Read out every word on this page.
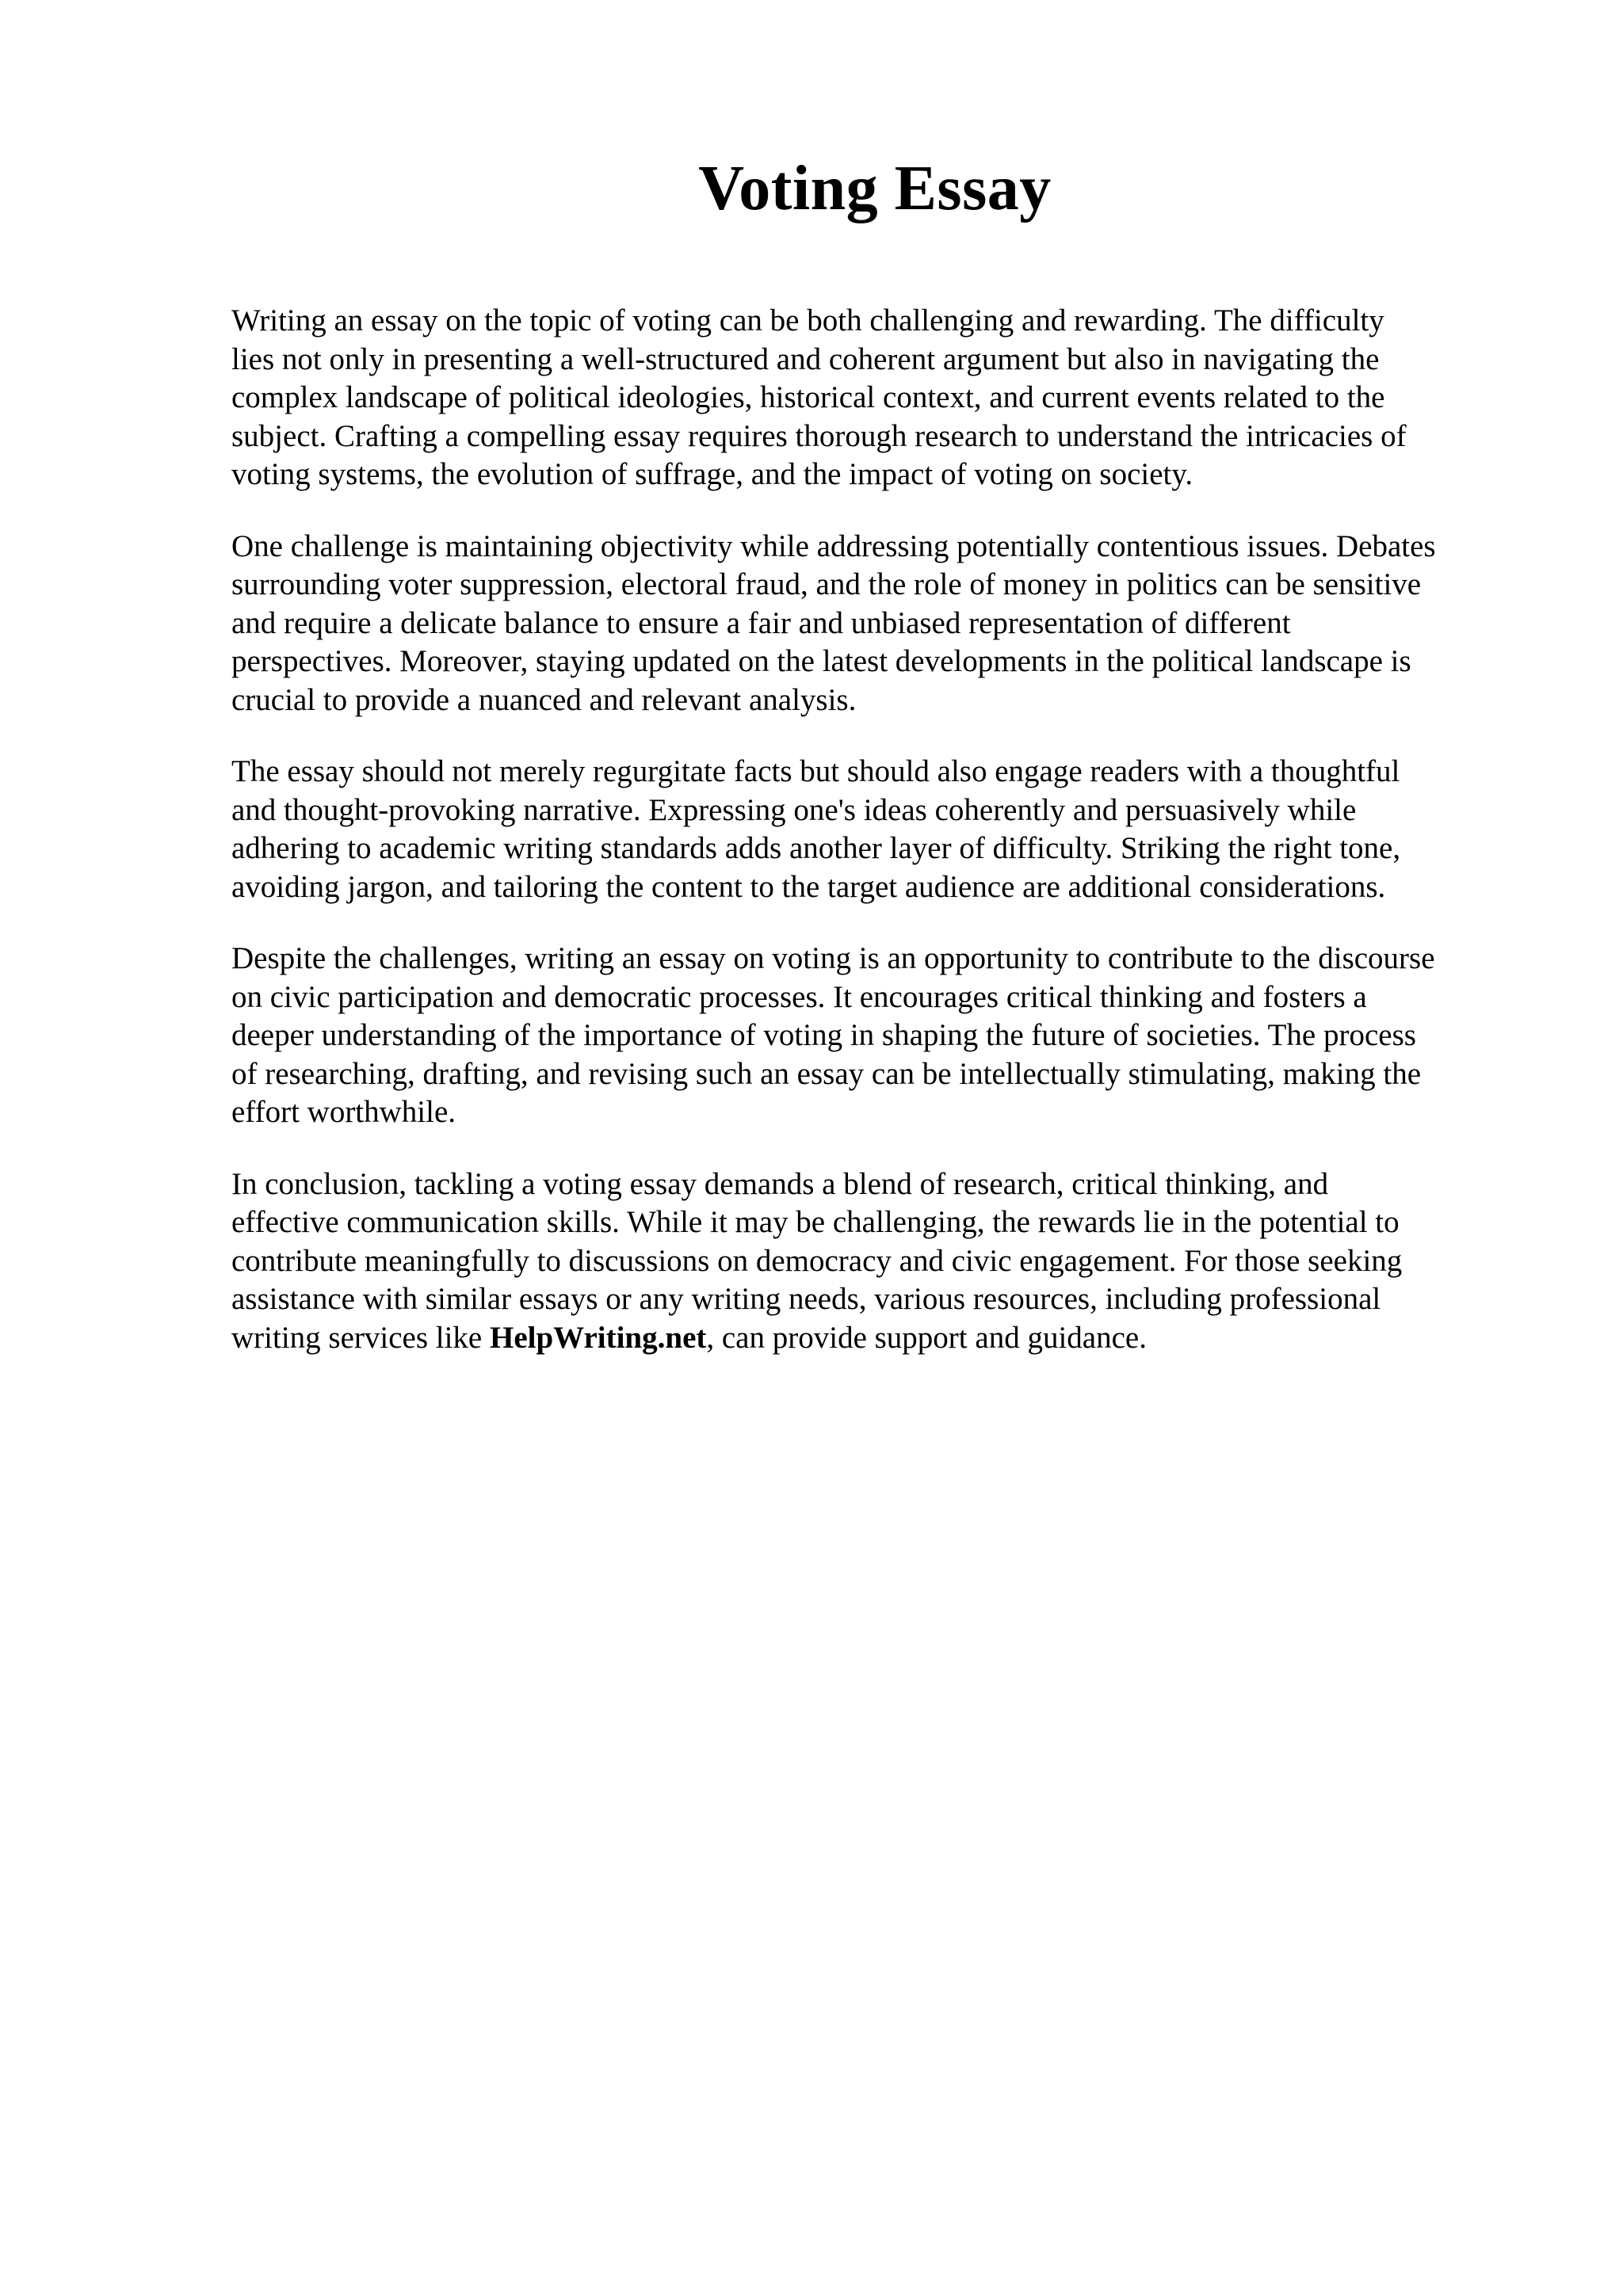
Voting Essay

Writing an essay on the topic of voting can be both challenging and rewarding. The difficulty
lies not only in presenting a well-structured and coherent argument but also in navigating the
complex landscape of political ideologies, historical context, and current events related to the
subject. Crafting a compelling essay requires thorough research to understand the intricacies of
voting systems, the evolution of suffrage, and the impact of voting on society.

One challenge is maintaining objectivity while addressing potentially contentious issues. Debates
surrounding voter suppression, electoral fraud, and the role of money in politics can be sensitive
and require a delicate balance to ensure a fair and unbiased representation of different
perspectives. Moreover, staying updated on the latest developments in the political landscape is
crucial to provide a nuanced and relevant analysis.

The essay should not merely regurgitate facts but should also engage readers with a thoughtful
and thought-provoking narrative. Expressing one's ideas coherently and persuasively while
adhering to academic writing standards adds another layer of difficulty. Striking the right tone,
avoiding jargon, and tailoring the content to the target audience are additional considerations.

Despite the challenges, writing an essay on voting is an opportunity to contribute to the discourse
on civic participation and democratic processes. It encourages critical thinking and fosters a
deeper understanding of the importance of voting in shaping the future of societies. The process
of researching, drafting, and revising such an essay can be intellectually stimulating, making the
effort worthwhile.

In conclusion, tackling a voting essay demands a blend of research, critical thinking, and
effective communication skills. While it may be challenging, the rewards lie in the potential to
contribute meaningfully to discussions on democracy and civic engagement. For those seeking
assistance with similar essays or any writing needs, various resources, including professional
writing services like HelpWriting.net, can provide support and guidance.
